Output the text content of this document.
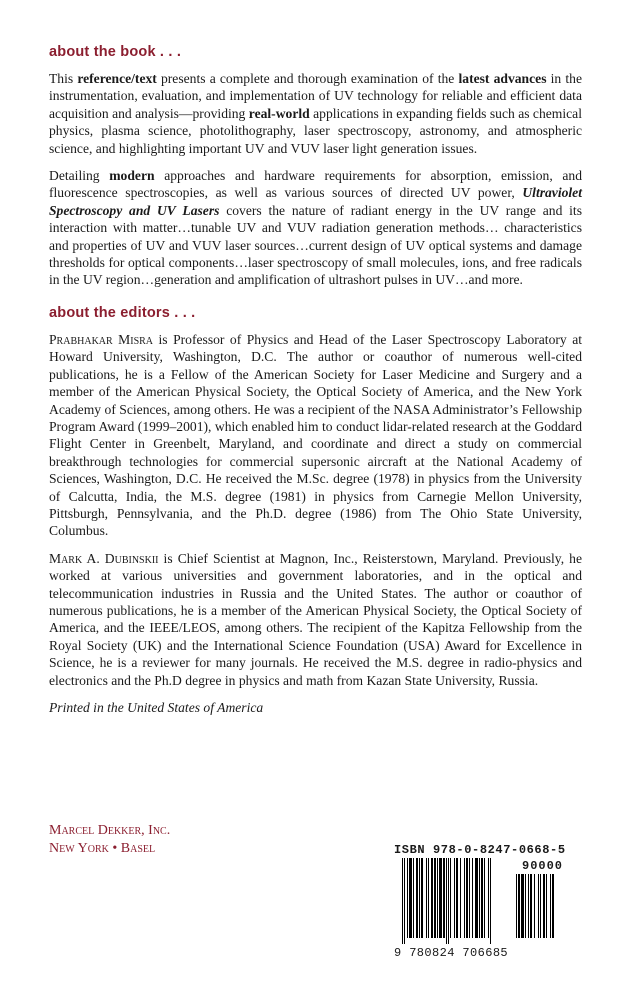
about the book . . .

This reference/text presents a complete and thorough examination of the latest advances in the instrumentation, evaluation, and implementation of UV technology for reliable and efficient data acquisition and analysis—providing real-world applications in expanding fields such as chemical physics, plasma science, photolithography, laser spectroscopy, astronomy, and atmospheric science, and highlighting important UV and VUV laser light generation issues.

Detailing modern approaches and hardware requirements for absorption, emission, and fluorescence spectroscopies, as well as various sources of directed UV power, Ultraviolet Spectroscopy and UV Lasers covers the nature of radiant energy in the UV range and its interaction with matter…tunable UV and VUV radiation generation methods… characteristics and properties of UV and VUV laser sources…current design of UV optical systems and damage thresholds for optical components…laser spectroscopy of small molecules, ions, and free radicals in the UV region…generation and amplification of ultrashort pulses in UV…and more.

about the editors . . .

Prabhakar Misra is Professor of Physics and Head of the Laser Spectroscopy Laboratory at Howard University, Washington, D.C. The author or coauthor of numerous well-cited publications, he is a Fellow of the American Society for Laser Medicine and Surgery and a member of the American Physical Society, the Optical Society of America, and the New York Academy of Sciences, among others. He was a recipient of the NASA Administrator’s Fellowship Program Award (1999–2001), which enabled him to conduct lidar-related research at the Goddard Flight Center in Greenbelt, Maryland, and coordinate and direct a study on commercial breakthrough technologies for commercial supersonic aircraft at the National Academy of Sciences, Washington, D.C. He received the M.Sc. degree (1978) in physics from the University of Calcutta, India, the M.S. degree (1981) in physics from Carnegie Mellon University, Pittsburgh, Pennsylvania, and the Ph.D. degree (1986) from The Ohio State University, Columbus.

Mark A. Dubinskii is Chief Scientist at Magnon, Inc., Reisterstown, Maryland. Previously, he worked at various universities and government laboratories, and in the optical and telecommunication industries in Russia and the United States. The author or coauthor of numerous publications, he is a member of the American Physical Society, the Optical Society of America, and the IEEE/LEOS, among others. The recipient of the Kapitza Fellowship from the Royal Society (UK) and the International Science Foundation (USA) Award for Excellence in Science, he is a reviewer for many journals. He received the M.S. degree in radio-physics and electronics and the Ph.D degree in physics and math from Kazan State University, Russia.

Printed in the United States of America

Marcel Dekker, Inc.
New York • Basel	ISBN 978-0-8247-0668-5
90000
9 780824 706685
